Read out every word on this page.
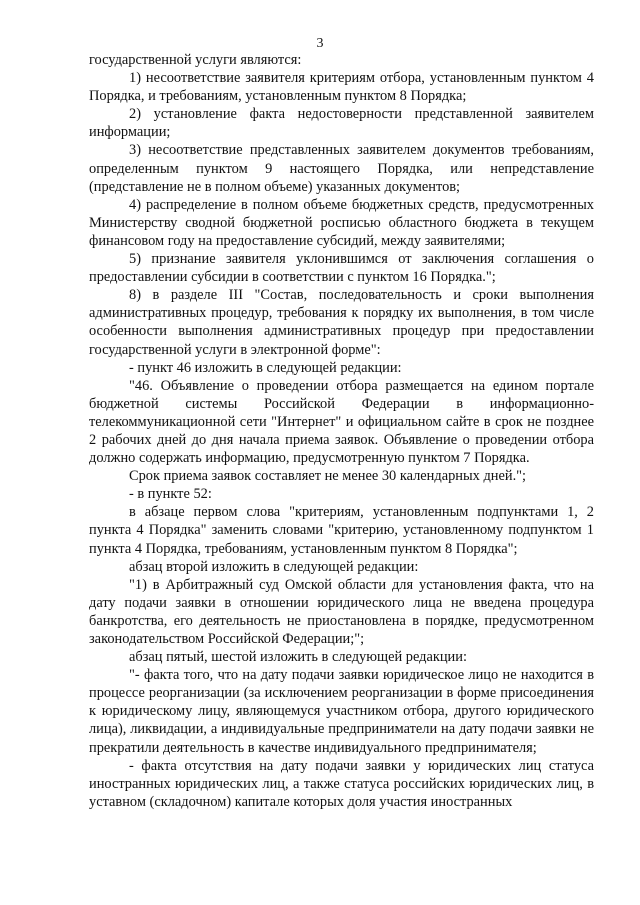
3

государственной услуги являются:

1) несоответствие заявителя критериям отбора, установленным пунктом 4 Порядка, и требованиям, установленным пунктом 8 Порядка;

2) установление факта недостоверности представленной заявителем информации;

3) несоответствие представленных заявителем документов требованиям, определенным пунктом 9 настоящего Порядка, или непредставление (представление не в полном объеме) указанных документов;

4) распределение в полном объеме бюджетных средств, предусмотренных Министерству сводной бюджетной росписью областного бюджета в текущем финансовом году на предоставление субсидий, между заявителями;

5) признание заявителя уклонившимся от заключения соглашения о предоставлении субсидии в соответствии с пунктом 16 Порядка.";

8) в разделе III "Состав, последовательность и сроки выполнения административных процедур, требования к порядку их выполнения, в том числе особенности выполнения административных процедур при предоставлении государственной услуги в электронной форме":

- пункт 46 изложить в следующей редакции:

"46. Объявление о проведении отбора размещается на едином портале бюджетной системы Российской Федерации в информационно-телекоммуникационной сети "Интернет" и официальном сайте в срок не позднее 2 рабочих дней до дня начала приема заявок. Объявление о проведении отбора должно содержать информацию, предусмотренную пунктом 7 Порядка.

Срок приема заявок составляет не менее 30 календарных дней.";

- в пункте 52:

в абзаце первом слова "критериям, установленным подпунктами 1, 2 пункта 4 Порядка" заменить словами "критерию, установленному подпунктом 1 пункта 4 Порядка, требованиям, установленным пунктом 8 Порядка";

абзац второй изложить в следующей редакции:

"1) в Арбитражный суд Омской области для установления факта, что на дату подачи заявки в отношении юридического лица не введена процедура банкротства, его деятельность не приостановлена в порядке, предусмотренном законодательством Российской Федерации;";

абзац пятый, шестой изложить в следующей редакции:

"- факта того, что на дату подачи заявки юридическое лицо не находится в процессе реорганизации (за исключением реорганизации в форме присоединения к юридическому лицу, являющемуся участником отбора, другого юридического лица), ликвидации, а индивидуальные предприниматели на дату подачи заявки не прекратили деятельность в качестве индивидуального предпринимателя;

- факта отсутствия на дату подачи заявки у юридических лиц статуса иностранных юридических лиц, а также статуса российских юридических лиц, в уставном (складочном) капитале которых доля участия иностранных
